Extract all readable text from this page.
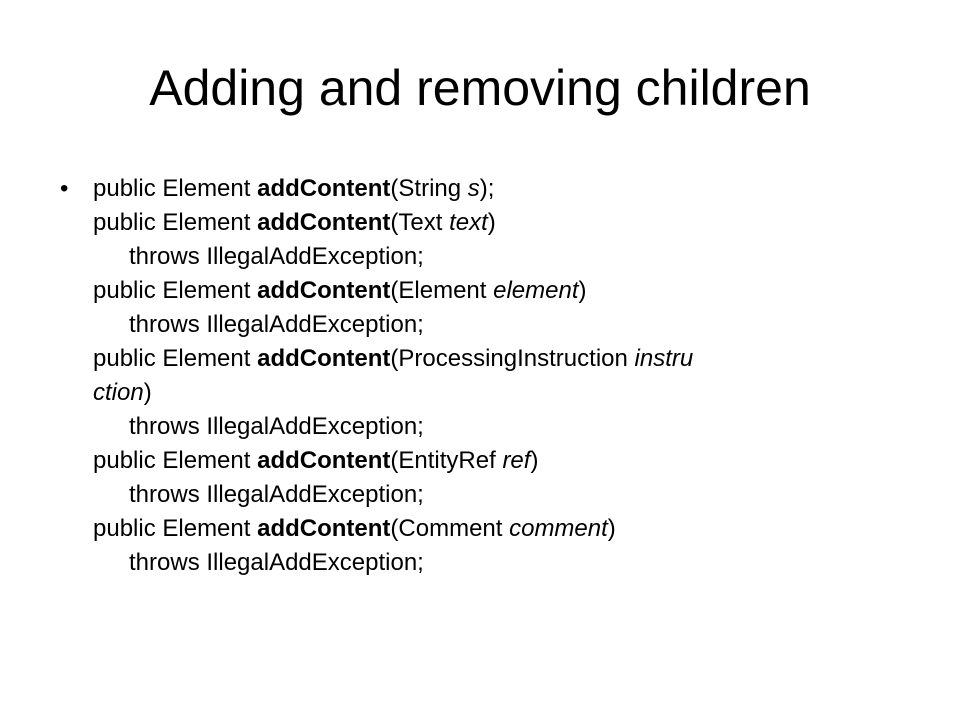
Adding and removing children
•	public Element addContent(String s);
public Element addContent(Text text)
throws IllegalAddException;
public Element addContent(Element element)
throws IllegalAddException;
public Element addContent(ProcessingInstruction instru
ction)
throws IllegalAddException;
public Element addContent(EntityRef ref)
throws IllegalAddException;
public Element addContent(Comment comment)
throws IllegalAddException;
